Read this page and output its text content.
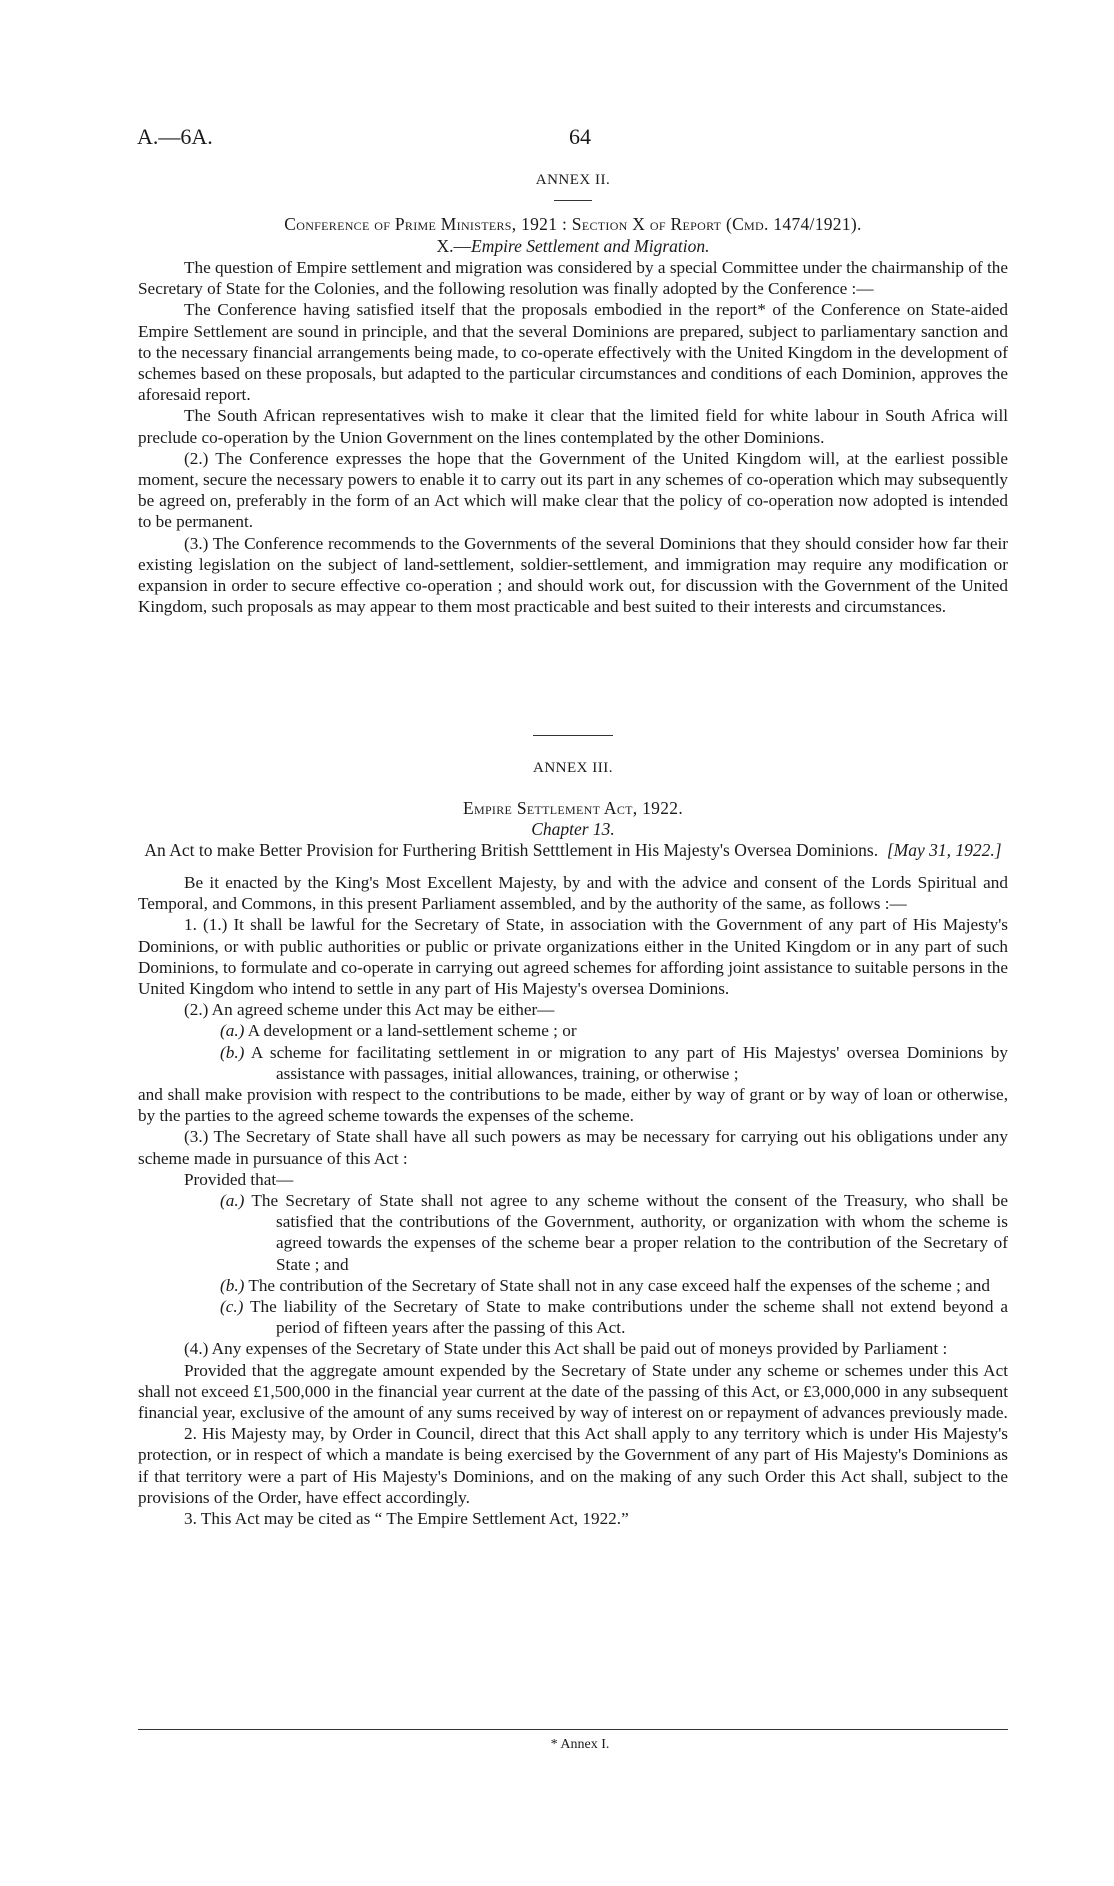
A.—6A.	64
ANNEX II.
Conference of Prime Ministers, 1921 : Section X of Report (Cmd. 1474/1921).
X.—Empire Settlement and Migration.

The question of Empire settlement and migration was considered by a special Committee under the chairmanship of the Secretary of State for the Colonies, and the following resolution was finally adopted by the Conference :—

The Conference having satisfied itself that the proposals embodied in the report* of the Conference on State-aided Empire Settlement are sound in principle, and that the several Dominions are prepared, subject to parliamentary sanction and to the necessary financial arrangements being made, to co-operate effectively with the United Kingdom in the development of schemes based on these proposals, but adapted to the particular circumstances and conditions of each Dominion, approves the aforesaid report.

The South African representatives wish to make it clear that the limited field for white labour in South Africa will preclude co-operation by the Union Government on the lines contemplated by the other Dominions.

(2.) The Conference expresses the hope that the Government of the United Kingdom will, at the earliest possible moment, secure the necessary powers to enable it to carry out its part in any schemes of co-operation which may subsequently be agreed on, preferably in the form of an Act which will make clear that the policy of co-operation now adopted is intended to be permanent.

(3.) The Conference recommends to the Governments of the several Dominions that they should consider how far their existing legislation on the subject of land-settlement, soldier-settlement, and immigration may require any modification or expansion in order to secure effective co-operation ; and should work out, for discussion with the Government of the United Kingdom, such proposals as may appear to them most practicable and best suited to their interests and circumstances.

ANNEX III.
Empire Settlement Act, 1922.
Chapter 13.
An Act to make Better Provision for Furthering British Setttlement in His Majesty's Oversea Dominions. [May 31, 1922.]

Be it enacted by the King's Most Excellent Majesty, by and with the advice and consent of the Lords Spiritual and Temporal, and Commons, in this present Parliament assembled, and by the authority of the same, as follows :—

1. (1.) It shall be lawful for the Secretary of State, in association with the Government of any part of His Majesty's Dominions, or with public authorities or public or private organizations either in the United Kingdom or in any part of such Dominions, to formulate and co-operate in carrying out agreed schemes for affording joint assistance to suitable persons in the United Kingdom who intend to settle in any part of His Majesty's oversea Dominions.

(2.) An agreed scheme under this Act may be either—

(a.) A development or a land-settlement scheme ; or

(b.) A scheme for facilitating settlement in or migration to any part of His Majestys' oversea Dominions by assistance with passages, initial allowances, training, or otherwise ;

and shall make provision with respect to the contributions to be made, either by way of grant or by way of loan or otherwise, by the parties to the agreed scheme towards the expenses of the scheme.

(3.) The Secretary of State shall have all such powers as may be necessary for carrying out his obligations under any scheme made in pursuance of this Act :

Provided that—

(a.) The Secretary of State shall not agree to any scheme without the consent of the Treasury, who shall be satisfied that the contributions of the Government, authority, or organization with whom the scheme is agreed towards the expenses of the scheme bear a proper relation to the contribution of the Secretary of State ; and

(b.) The contribution of the Secretary of State shall not in any case exceed half the expenses of the scheme ; and

(c.) The liability of the Secretary of State to make contributions under the scheme shall not extend beyond a period of fifteen years after the passing of this Act.

(4.) Any expenses of the Secretary of State under this Act shall be paid out of moneys provided by Parliament :

Provided that the aggregate amount expended by the Secretary of State under any scheme or schemes under this Act shall not exceed £1,500,000 in the financial year current at the date of the passing of this Act, or £3,000,000 in any subsequent financial year, exclusive of the amount of any sums received by way of interest on or repayment of advances previously made.

2. His Majesty may, by Order in Council, direct that this Act shall apply to any territory which is under His Majesty's protection, or in respect of which a mandate is being exercised by the Government of any part of His Majesty's Dominions as if that territory were a part of His Majesty's Dominions, and on the making of any such Order this Act shall, subject to the provisions of the Order, have effect accordingly.

3. This Act may be cited as “ The Empire Settlement Act, 1922.”

* Annex I.
